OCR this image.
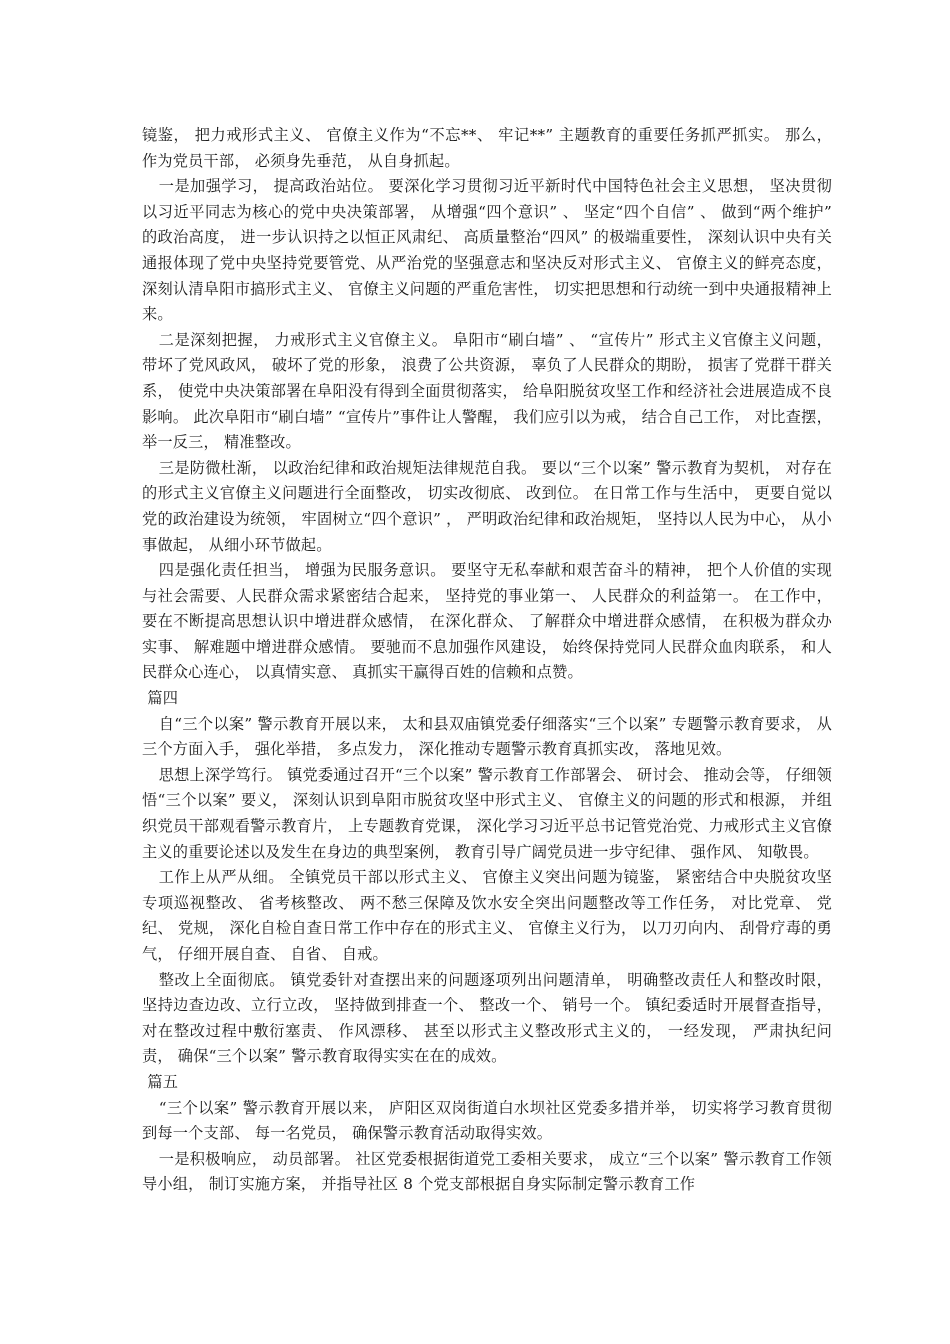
镜鉴， 把力戒形式主义、 官僚主义作为“不忘**、 牢记**” 主题教育的重要任务抓严抓实。 那么， 作为党员干部， 必须身先垂范， 从自身抓起。

一是加强学习， 提高政治站位。 要深化学习贯彻习近平新时代中国特色社会主义思想， 坚决贯彻以习近平同志为核心的党中央决策部署， 从增强“四个意识” 、 坚定“四个自信” 、 做到“两个维护” 的政治高度， 进一步认识持之以恒正风肃纪、 高质量整治“四风” 的极端重要性， 深刻认识中央有关通报体现了党中央坚持党要管党、从严治党的坚强意志和坚决反对形式主义、 官僚主义的鲜亮态度， 深刻认清阜阳市搞形式主义、 官僚主义问题的严重危害性， 切实把思想和行动统一到中央通报精神上来。

二是深刻把握， 力戒形式主义官僚主义。 阜阳市“刷白墙” 、 “宣传片” 形式主义官僚主义问题， 带坏了党风政风， 破坏了党的形象， 浪费了公共资源， 辜负了人民群众的期盼， 损害了党群干群关系， 使党中央决策部署在阜阳没有得到全面贯彻落实， 给阜阳脱贫攻坚工作和经济社会进展造成不良影响。 此次阜阳市“刷白墙” “宣传片”事件让人警醒， 我们应引以为戒， 结合自己工作， 对比查摆， 举一反三， 精准整改。

三是防微杜渐， 以政治纪律和政治规矩法律规范自我。 要以“三个以案” 警示教育为契机， 对存在的形式主义官僚主义问题进行全面整改， 切实改彻底、 改到位。 在日常工作与生活中， 更要自觉以党的政治建设为统领， 牢固树立“四个意识” ， 严明政治纪律和政治规矩， 坚持以人民为中心， 从小事做起， 从细小环节做起。

四是强化责任担当， 增强为民服务意识。 要坚守无私奉献和艰苦奋斗的精神， 把个人价值的实现与社会需要、人民群众需求紧密结合起来， 坚持党的事业第一、 人民群众的利益第一。 在工作中， 要在不断提高思想认识中增进群众感情， 在深化群众、 了解群众中增进群众感情， 在积极为群众办实事、 解难题中增进群众感情。 要驰而不息加强作风建设， 始终保持党同人民群众血肉联系， 和人民群众心连心， 以真情实意、 真抓实干赢得百姓的信赖和点赞。

篇四

自“三个以案” 警示教育开展以来， 太和县双庙镇党委仔细落实“三个以案” 专题警示教育要求， 从三个方面入手， 强化举措， 多点发力， 深化推动专题警示教育真抓实改， 落地见效。

思想上深学笃行。 镇党委通过召开“三个以案” 警示教育工作部署会、 研讨会、 推动会等， 仔细领悟“三个以案” 要义， 深刻认识到阜阳市脱贫攻坚中形式主义、 官僚主义的问题的形式和根源， 并组织党员干部观看警示教育片， 上专题教育党课， 深化学习习近平总书记管党治党、力戒形式主义官僚主义的重要论述以及发生在身边的典型案例， 教育引导广阔党员进一步守纪律、 强作风、 知敬畏。

工作上从严从细。 全镇党员干部以形式主义、 官僚主义突出问题为镜鉴， 紧密结合中央脱贫攻坚专项巡视整改、 省考核整改、 两不愁三保障及饮水安全突出问题整改等工作任务， 对比党章、 党纪、 党规， 深化自检自查日常工作中存在的形式主义、 官僚主义行为， 以刀刃向内、 刮骨疗毒的勇气， 仔细开展自查、 自省、 自戒。

整改上全面彻底。 镇党委针对查摆出来的问题逐项列出问题清单， 明确整改责任人和整改时限， 坚持边查边改、立行立改， 坚持做到排查一个、 整改一个、 销号一个。 镇纪委适时开展督查指导， 对在整改过程中敷衍塞责、 作风漂移、 甚至以形式主义整改形式主义的， 一经发现， 严肃执纪问责， 确保“三个以案” 警示教育取得实实在在的成效。

篇五

“三个以案” 警示教育开展以来， 庐阳区双岗街道白水坝社区党委多措并举， 切实将学习教育贯彻到每一个支部、 每一名党员， 确保警示教育活动取得实效。

一是积极响应， 动员部署。 社区党委根据街道党工委相关要求， 成立“三个以案” 警示教育工作领导小组， 制订实施方案， 并指导社区 8 个党支部根据自身实际制定警示教育工作
